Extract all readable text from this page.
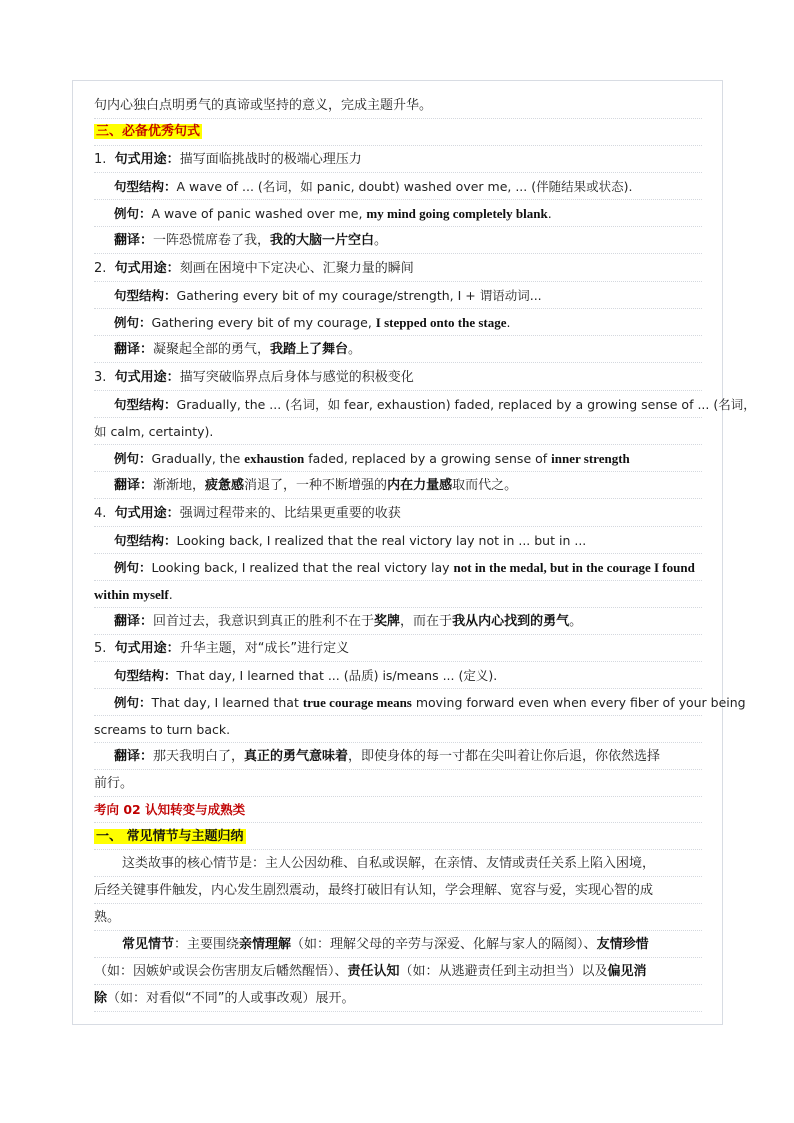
句内心独白点明勇气的真谛或坚持的意义，完成主题升华。
三、必备优秀句式
1. 句式用途：描写面临挑战时的极端心理压力
句型结构：A wave of ... (名词，如 panic, doubt) washed over me, ... (伴随结果或状态).
例句：A wave of panic washed over me, my mind going completely blank.
翻译：一阵恐慌席卷了我，我的大脑一片空白。
2. 句式用途：刻画在困境中下定决心、汇聚力量的瞬间
句型结构：Gathering every bit of my courage/strength, I + 谓语动词...
例句：Gathering every bit of my courage, I stepped onto the stage.
翻译：凝聚起全部的勇气，我踏上了舞台。
3. 句式用途：描写突破临界点后身体与感觉的积极变化
句型结构：Gradually, the ... (名词，如 fear, exhaustion) faded, replaced by a growing sense of ... (名词，
如 calm, certainty).
例句：Gradually, the exhaustion faded, replaced by a growing sense of inner strength
翻译：渐渐地，疲惫感消退了，一种不断增强的内在力量感取而代之。
4. 句式用途：强调过程带来的、比结果更重要的收获
句型结构：Looking back, I realized that the real victory lay not in ... but in ...
例句：Looking back, I realized that the real victory lay not in the medal, but in the courage I found
within myself.
翻译：回首过去，我意识到真正的胜利不在于奖牌，而在于我从内心找到的勇气。
5. 句式用途：升华主题，对“成长”进行定义
句型结构：That day, I learned that ... (品质) is/means ... (定义).
例句：That day, I learned that true courage means moving forward even when every fiber of your being
screams to turn back.
翻译：那天我明白了，真正的勇气意味着，即使身体的每一寸都在尖叫着让你后退，你依然选择
前行。
考向 02 认知转变与成熟类
一、 常见情节与主题归纳
这类故事的核心情节是：主人公因幼稚、自私或误解，在亲情、友情或责任关系上陷入困境，
后经关键事件触发，内心发生剧烈震动，最终打破旧有认知，学会理解、宽容与爱，实现心智的成
熟。
常见情节：主要围绕亲情理解（如：理解父母的辛劳与深爱、化解与家人的隔阂）、友情珍惜
（如：因嫉妒或误会伤害朋友后幡然醒悟）、责任认知（如：从逃避责任到主动担当）以及偏见消
除（如：对看似“不同”的人或事改观）展开。
